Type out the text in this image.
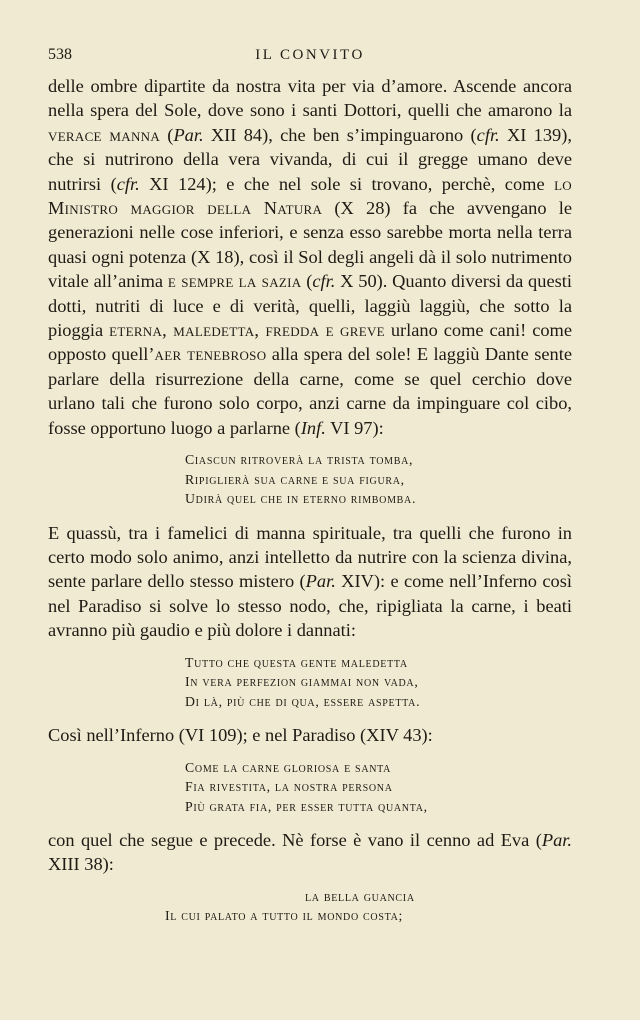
538	IL CONVITO

delle ombre dipartite da nostra vita per via d’amore. Ascende ancora nella spera del Sole, dove sono i santi Dottori, quelli che amarono la verace manna (Par. XII 84), che ben s’impinguarono (cfr. XI 139), che si nutrirono della vera vivanda, di cui il gregge umano deve nutrirsi (cfr. XI 124); e che nel sole si trovano, perchè, come lo Ministro maggior della Natura (X 28) fa che avvengano le generazioni nelle cose inferiori, e senza esso sarebbe morta nella terra quasi ogni potenza (X 18), così il Sol degli angeli dà il solo nutrimento vitale all’anima e sempre la sazia (cfr. X 50). Quanto diversi da questi dotti, nutriti di luce e di verità, quelli, laggiù laggiù, che sotto la pioggia eterna, maledetta, fredda e greve urlano come cani! come opposto quell’aer tenebroso alla spera del sole! E laggiù Dante sente parlare della risurrezione della carne, come se quel cerchio dove urlano tali che furono solo corpo, anzi carne da impinguare col cibo, fosse opportuno luogo a parlarne (Inf. VI 97):

Ciascun ritroverà la trista tomba,
Ripiglierà sua carne e sua figura,
Udirà quel che in eterno rimbomba.

E quassù, tra i famelici di manna spirituale, tra quelli che furono in certo modo solo animo, anzi intelletto da nutrire con la scienza divina, sente parlare dello stesso mistero (Par. XIV): e come nell’Inferno così nel Paradiso si solve lo stesso nodo, che, ripigliata la carne, i beati avranno più gaudio e più dolore i dannati:

Tutto che questa gente maledetta
In vera perfezion giammai non vada,
Di là, più che di qua, essere aspetta.

Così nell’Inferno (VI 109); e nel Paradiso (XIV 43):

Come la carne gloriosa e santa
Fia rivestita, la nostra persona
Più grata fia, per esser tutta quanta,

con quel che segue e precede. Nè forse è vano il cenno ad Eva (Par. XIII 38):

la bella guancia
Il cui palato a tutto il mondo costa;
